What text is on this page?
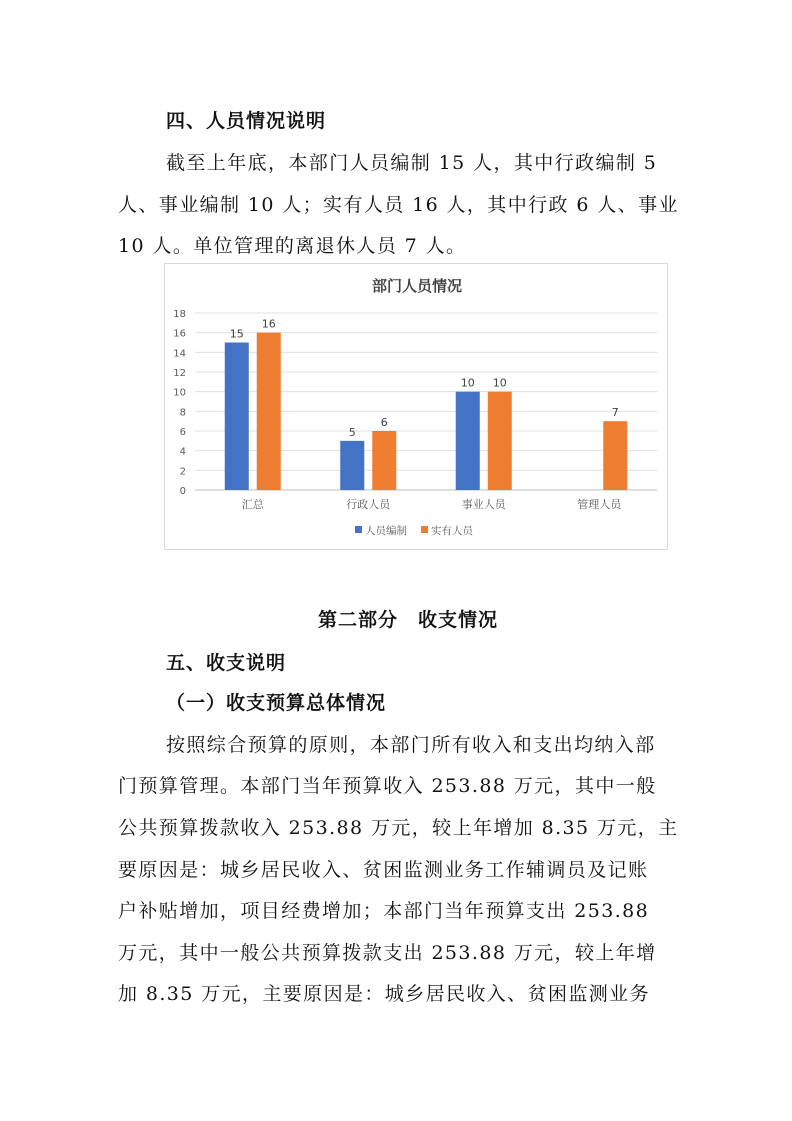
四、人员情况说明
截至上年底，本部门人员编制 15 人，其中行政编制 5
人、事业编制 10 人；实有人员 16 人，其中行政 6 人、事业
10 人。单位管理的离退休人员 7 人。
部门人员情况
0
2
4
6
8
10
12
14
16
18
15
16
5
6
10 10
7
汇总	行政人员	事业人员	管理人员
人员编制 实有人员
第二部分　收支情况
五、收支说明
（一）收支预算总体情况
按照综合预算的原则，本部门所有收入和支出均纳入部
门预算管理。本部门当年预算收入 253.88 万元，其中一般
公共预算拨款收入 253.88 万元，较上年增加 8.35 万元，主
要原因是：城乡居民收入、贫困监测业务工作辅调员及记账
户补贴增加，项目经费增加；本部门当年预算支出 253.88
万元，其中一般公共预算拨款支出 253.88 万元，较上年增
加 8.35 万元，主要原因是：城乡居民收入、贫困监测业务
